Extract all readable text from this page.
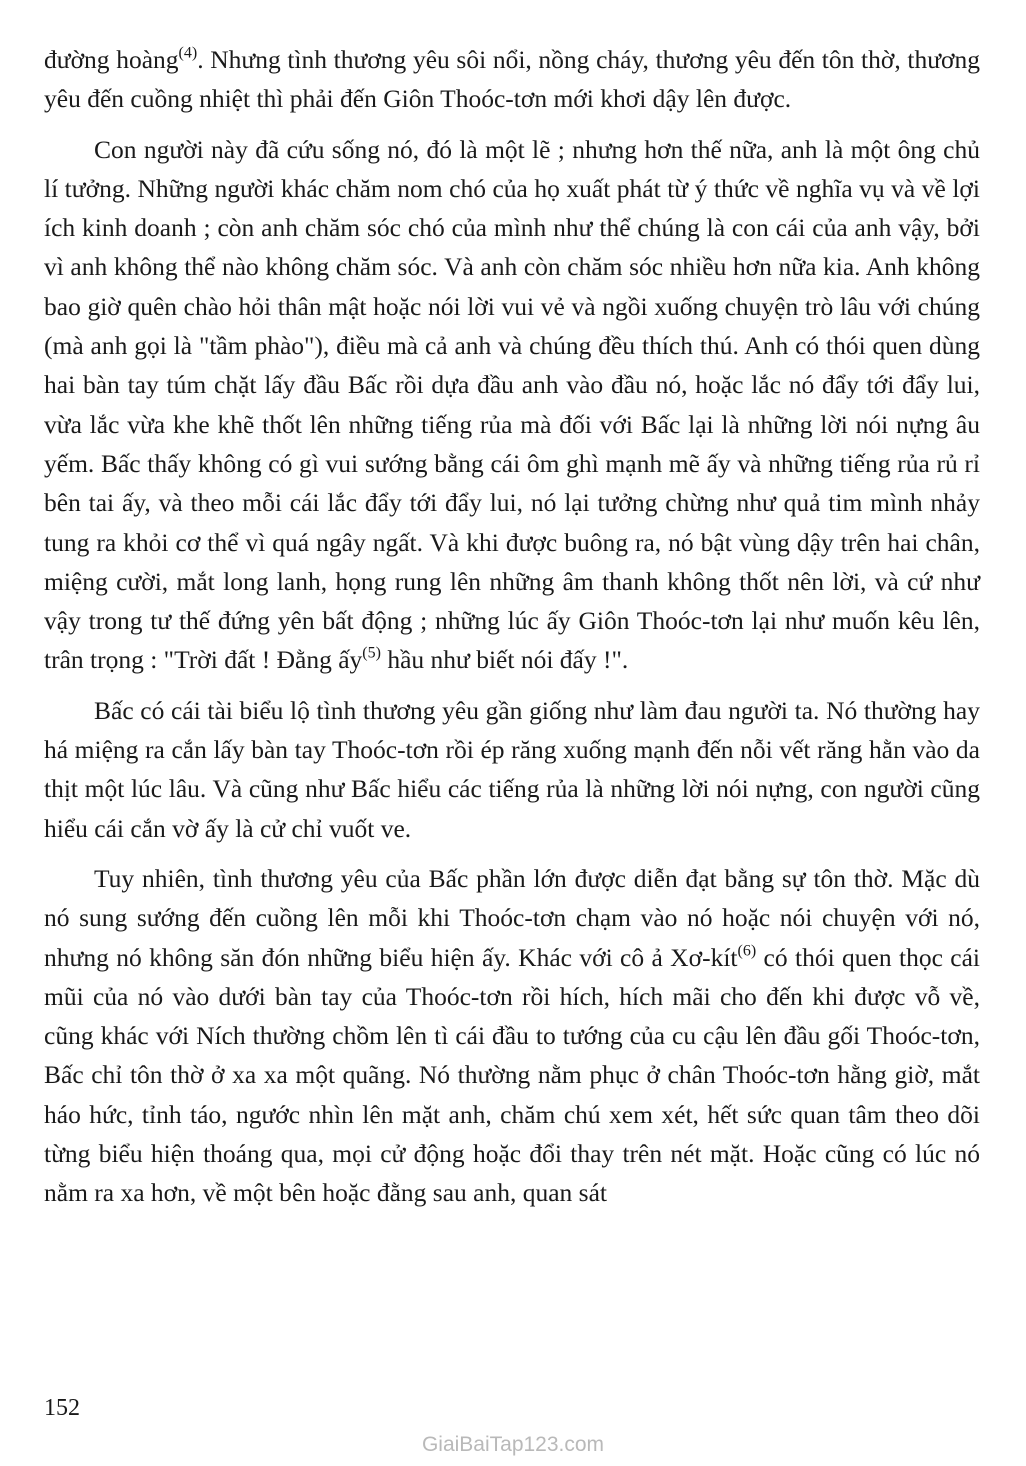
đường hoàng$^{(4)}$. Nhưng tình thương yêu sôi nổi, nồng cháy, thương yêu đến tôn thờ, thương yêu đến cuồng nhiệt thì phải đến Giôn Thoóc-tơn mới khơi dậy lên được.

Con người này đã cứu sống nó, đó là một lẽ ; nhưng hơn thế nữa, anh là một ông chủ lí tưởng. Những người khác chăm nom chó của họ xuất phát từ ý thức về nghĩa vụ và về lợi ích kinh doanh ; còn anh chăm sóc chó của mình như thể chúng là con cái của anh vậy, bởi vì anh không thể nào không chăm sóc. Và anh còn chăm sóc nhiều hơn nữa kia. Anh không bao giờ quên chào hỏi thân mật hoặc nói lời vui vẻ và ngồi xuống chuyện trò lâu với chúng (mà anh gọi là "tầm phào"), điều mà cả anh và chúng đều thích thú. Anh có thói quen dùng hai bàn tay túm chặt lấy đầu Bấc rồi dựa đầu anh vào đầu nó, hoặc lắc nó đẩy tới đẩy lui, vừa lắc vừa khe khẽ thốt lên những tiếng rủa mà đối với Bấc lại là những lời nói nựng âu yếm. Bấc thấy không có gì vui sướng bằng cái ôm ghì mạnh mẽ ấy và những tiếng rủa rủ rỉ bên tai ấy, và theo mỗi cái lắc đẩy tới đẩy lui, nó lại tưởng chừng như quả tim mình nhảy tung ra khỏi cơ thể vì quá ngây ngất. Và khi được buông ra, nó bật vùng dậy trên hai chân, miệng cười, mắt long lanh, họng rung lên những âm thanh không thốt nên lời, và cứ như vậy trong tư thế đứng yên bất động ; những lúc ấy Giôn Thoóc-tơn lại như muốn kêu lên, trân trọng : "Trời đất ! Đằng ấy$^{(5)}$ hầu như biết nói đấy !".

Bấc có cái tài biểu lộ tình thương yêu gần giống như làm đau người ta. Nó thường hay há miệng ra cắn lấy bàn tay Thoóc-tơn rồi ép răng xuống mạnh đến nỗi vết răng hằn vào da thịt một lúc lâu. Và cũng như Bấc hiểu các tiếng rủa là những lời nói nựng, con người cũng hiểu cái cắn vờ ấy là cử chỉ vuốt ve.

Tuy nhiên, tình thương yêu của Bấc phần lớn được diễn đạt bằng sự tôn thờ. Mặc dù nó sung sướng đến cuồng lên mỗi khi Thoóc-tơn chạm vào nó hoặc nói chuyện với nó, nhưng nó không săn đón những biểu hiện ấy. Khác với cô ả Xơ-kít$^{(6)}$ có thói quen thọc cái mũi của nó vào dưới bàn tay của Thoóc-tơn rồi hích, hích mãi cho đến khi được vỗ về, cũng khác với Ních thường chồm lên tì cái đầu to tướng của cu cậu lên đầu gối Thoóc-tơn, Bấc chỉ tôn thờ ở xa xa một quãng. Nó thường nằm phục ở chân Thoóc-tơn hằng giờ, mắt háo hức, tỉnh táo, ngước nhìn lên mặt anh, chăm chú xem xét, hết sức quan tâm theo dõi từng biểu hiện thoáng qua, mọi cử động hoặc đổi thay trên nét mặt. Hoặc cũng có lúc nó nằm ra xa hơn, về một bên hoặc đằng sau anh, quan sát

152
GiaiBaiTap123.com
